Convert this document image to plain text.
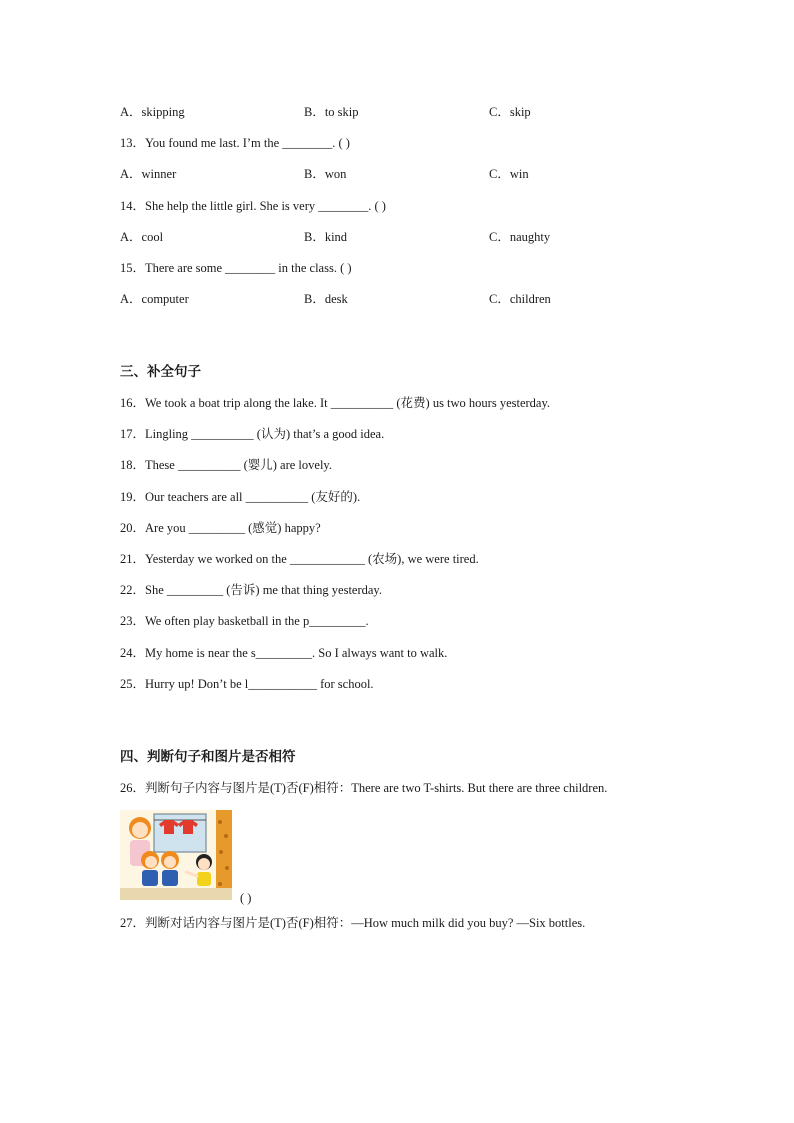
A．skipping	B．to skip	C．skip
13．You found me last. I’m the ________. ( )
A．winner	B．won	C．win
14．She help the little girl. She is very ________. ( )
A．cool	B．kind	C．naughty
15．There are some ________ in the class. ( )
A．computer	B．desk	C．children
三、补全句子
16．We took a boat trip along the lake. It __________ (花费) us two hours yesterday.
17．Lingling __________ (认为) that’s a good idea.
18．These __________ (婴儿) are lovely.
19．Our teachers are all __________ (友好的).
20．Are you _________ (感觉) happy?
21．Yesterday we worked on the ____________ (农场), we were tired.
22．She _________ (告诉) me that thing yesterday.
23．We often play basketball in the p_________.
24．My home is near the s_________. So I always want to walk.
25．Hurry up! Don’t be l___________ for school.
四、判断句子和图片是否相符
26．判断句子内容与图片是(T)否(F)相符：There are two T-shirts. But there are three children.
( )
27．判断对话内容与图片是(T)否(F)相符：—How much milk did you buy? —Six bottles.
